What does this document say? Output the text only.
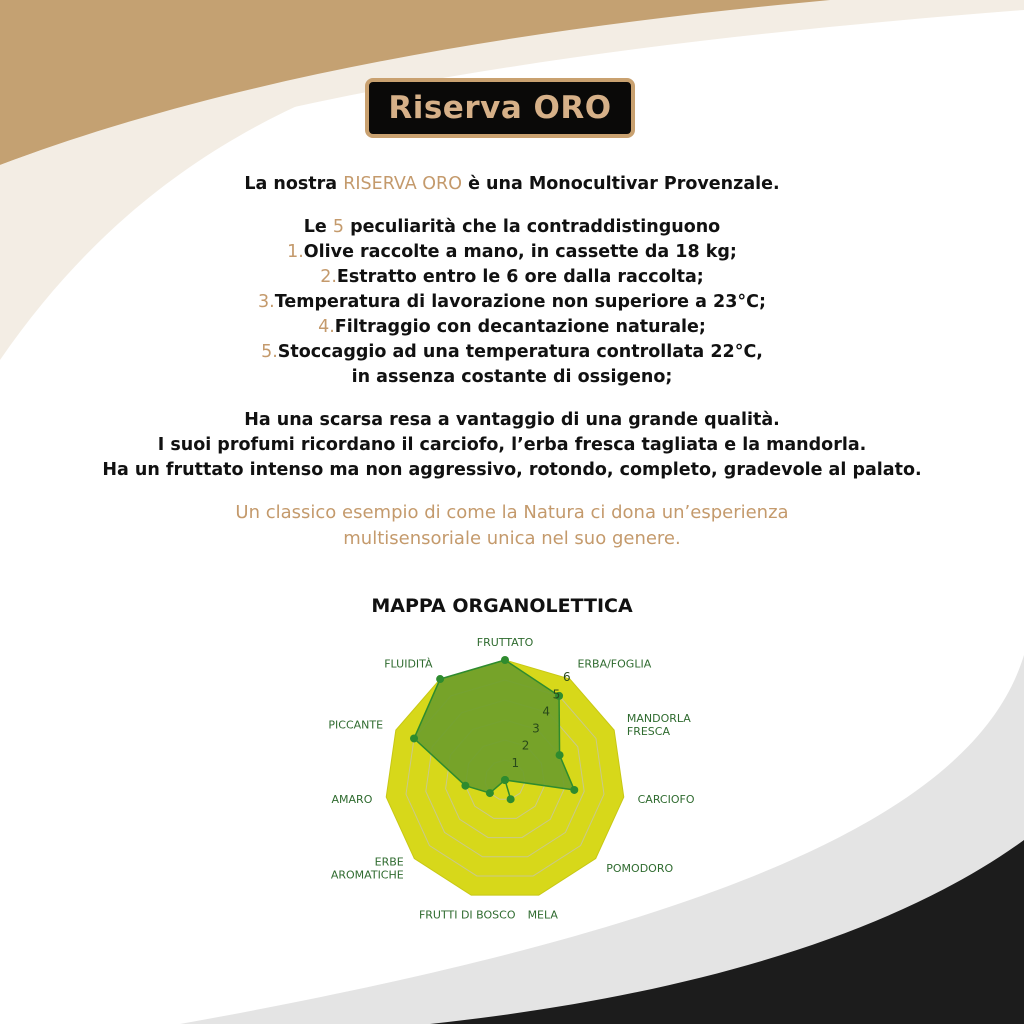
Riserva ORO
La nostra RISERVA ORO è una Monocultivar Provenzale.
Le 5 peculiarità che la contraddistinguono
1.Olive raccolte a mano, in cassette da 18 kg;
2.Estratto entro le 6 ore dalla raccolta;
3.Temperatura di lavorazione non superiore a 23°C;
4.Filtraggio con decantazione naturale;
5.Stoccaggio ad una temperatura controllata 22°C,
in assenza costante di ossigeno;
Ha una scarsa resa a vantaggio di una grande qualità.
I suoi profumi ricordano il carciofo, l’erba fresca tagliata e la mandorla.
Ha un fruttato intenso ma non aggressivo, rotondo, completo, gradevole al palato.
Un classico esempio di come la Natura ci dona un’esperienza
multisensoriale unica nel suo genere.
MAPPA ORGANOLETTICA
1
2
3
4
5
6
FRUTTATO
ERBA/FOGLIA
MANDORLA FRESCA
CARCIOFO
POMODORO
MELA
FRUTTI DI BOSCO
ERBE AROMATICHE
AMARO
PICCANTE
FLUIDITÀ
